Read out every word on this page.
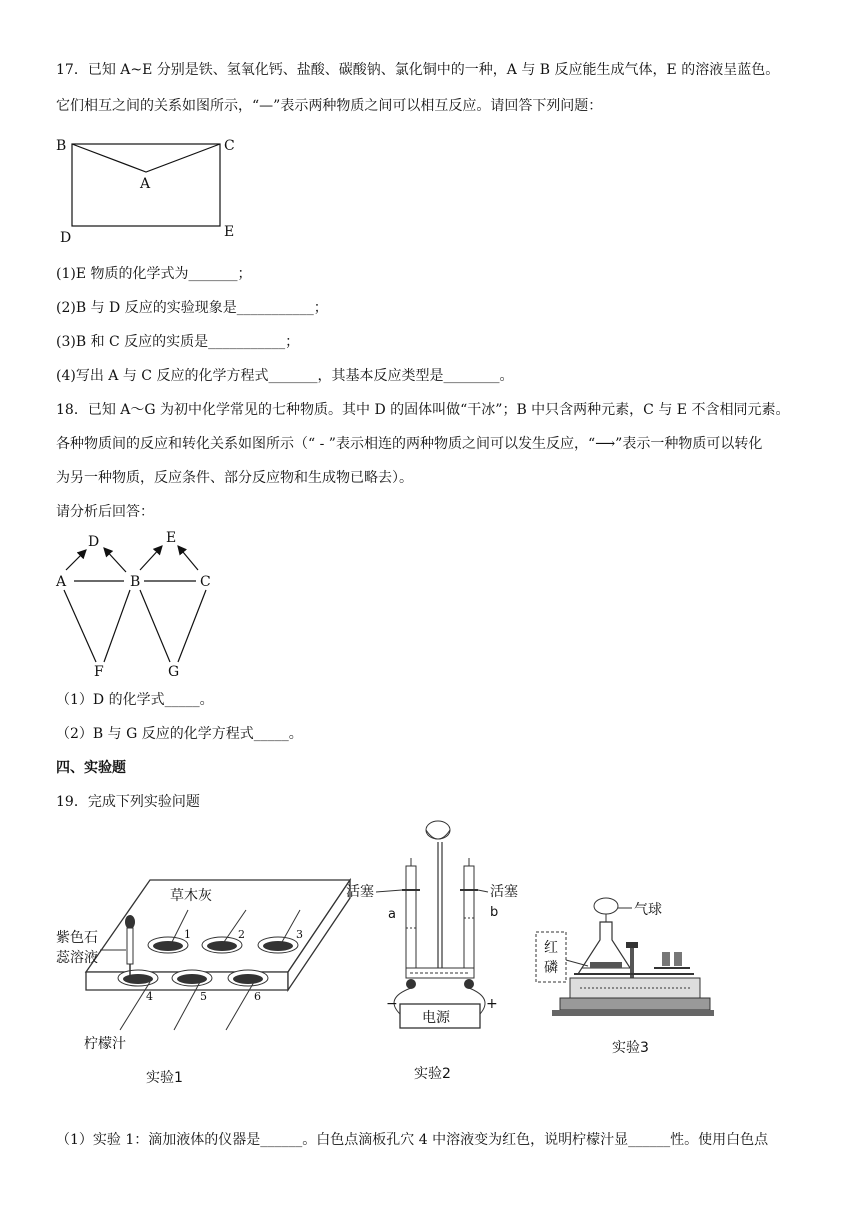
17．已知 A~E 分别是铁、氢氧化钙、盐酸、碳酸钠、氯化铜中的一种，A 与 B 反应能生成气体，E 的溶液呈蓝色。
它们相互之间的关系如图所示，“—”表示两种物质之间可以相互反应。请回答下列问题：
B	C
A
D	E
(1)E 物质的化学式为_______；
(2)B 与 D 反应的实验现象是___________；
(3)B 和 C 反应的实质是___________；
(4)写出 A 与 C 反应的化学方程式_______，其基本反应类型是________。
18．已知 A～G 为初中化学常见的七种物质。其中 D 的固体叫做“干冰”；B 中只含两种元素，C 与 E 不含相同元素。
各种物质间的反应和转化关系如图所示（“ - ”表示相连的两种物质之间可以发生反应，“⟶”表示一种物质可以转化
为另一种物质，反应条件、部分反应物和生成物已略去）。
请分析后回答：
D	E
A	B	C
F	G
（1）D 的化学式_____。
（2）B 与 G 反应的化学方程式_____。
四、实验题
19．完成下列实验问题
1	2	3
4	5	6
草木灰
紫色石
蕊溶液
柠檬汁
实验1
电源
活塞	活塞
a	b
−	+
实验2
红
磷
气球
实验3
（1）实验 1：滴加液体的仪器是______。白色点滴板孔穴 4 中溶液变为红色，说明柠檬汁显______性。使用白色点
